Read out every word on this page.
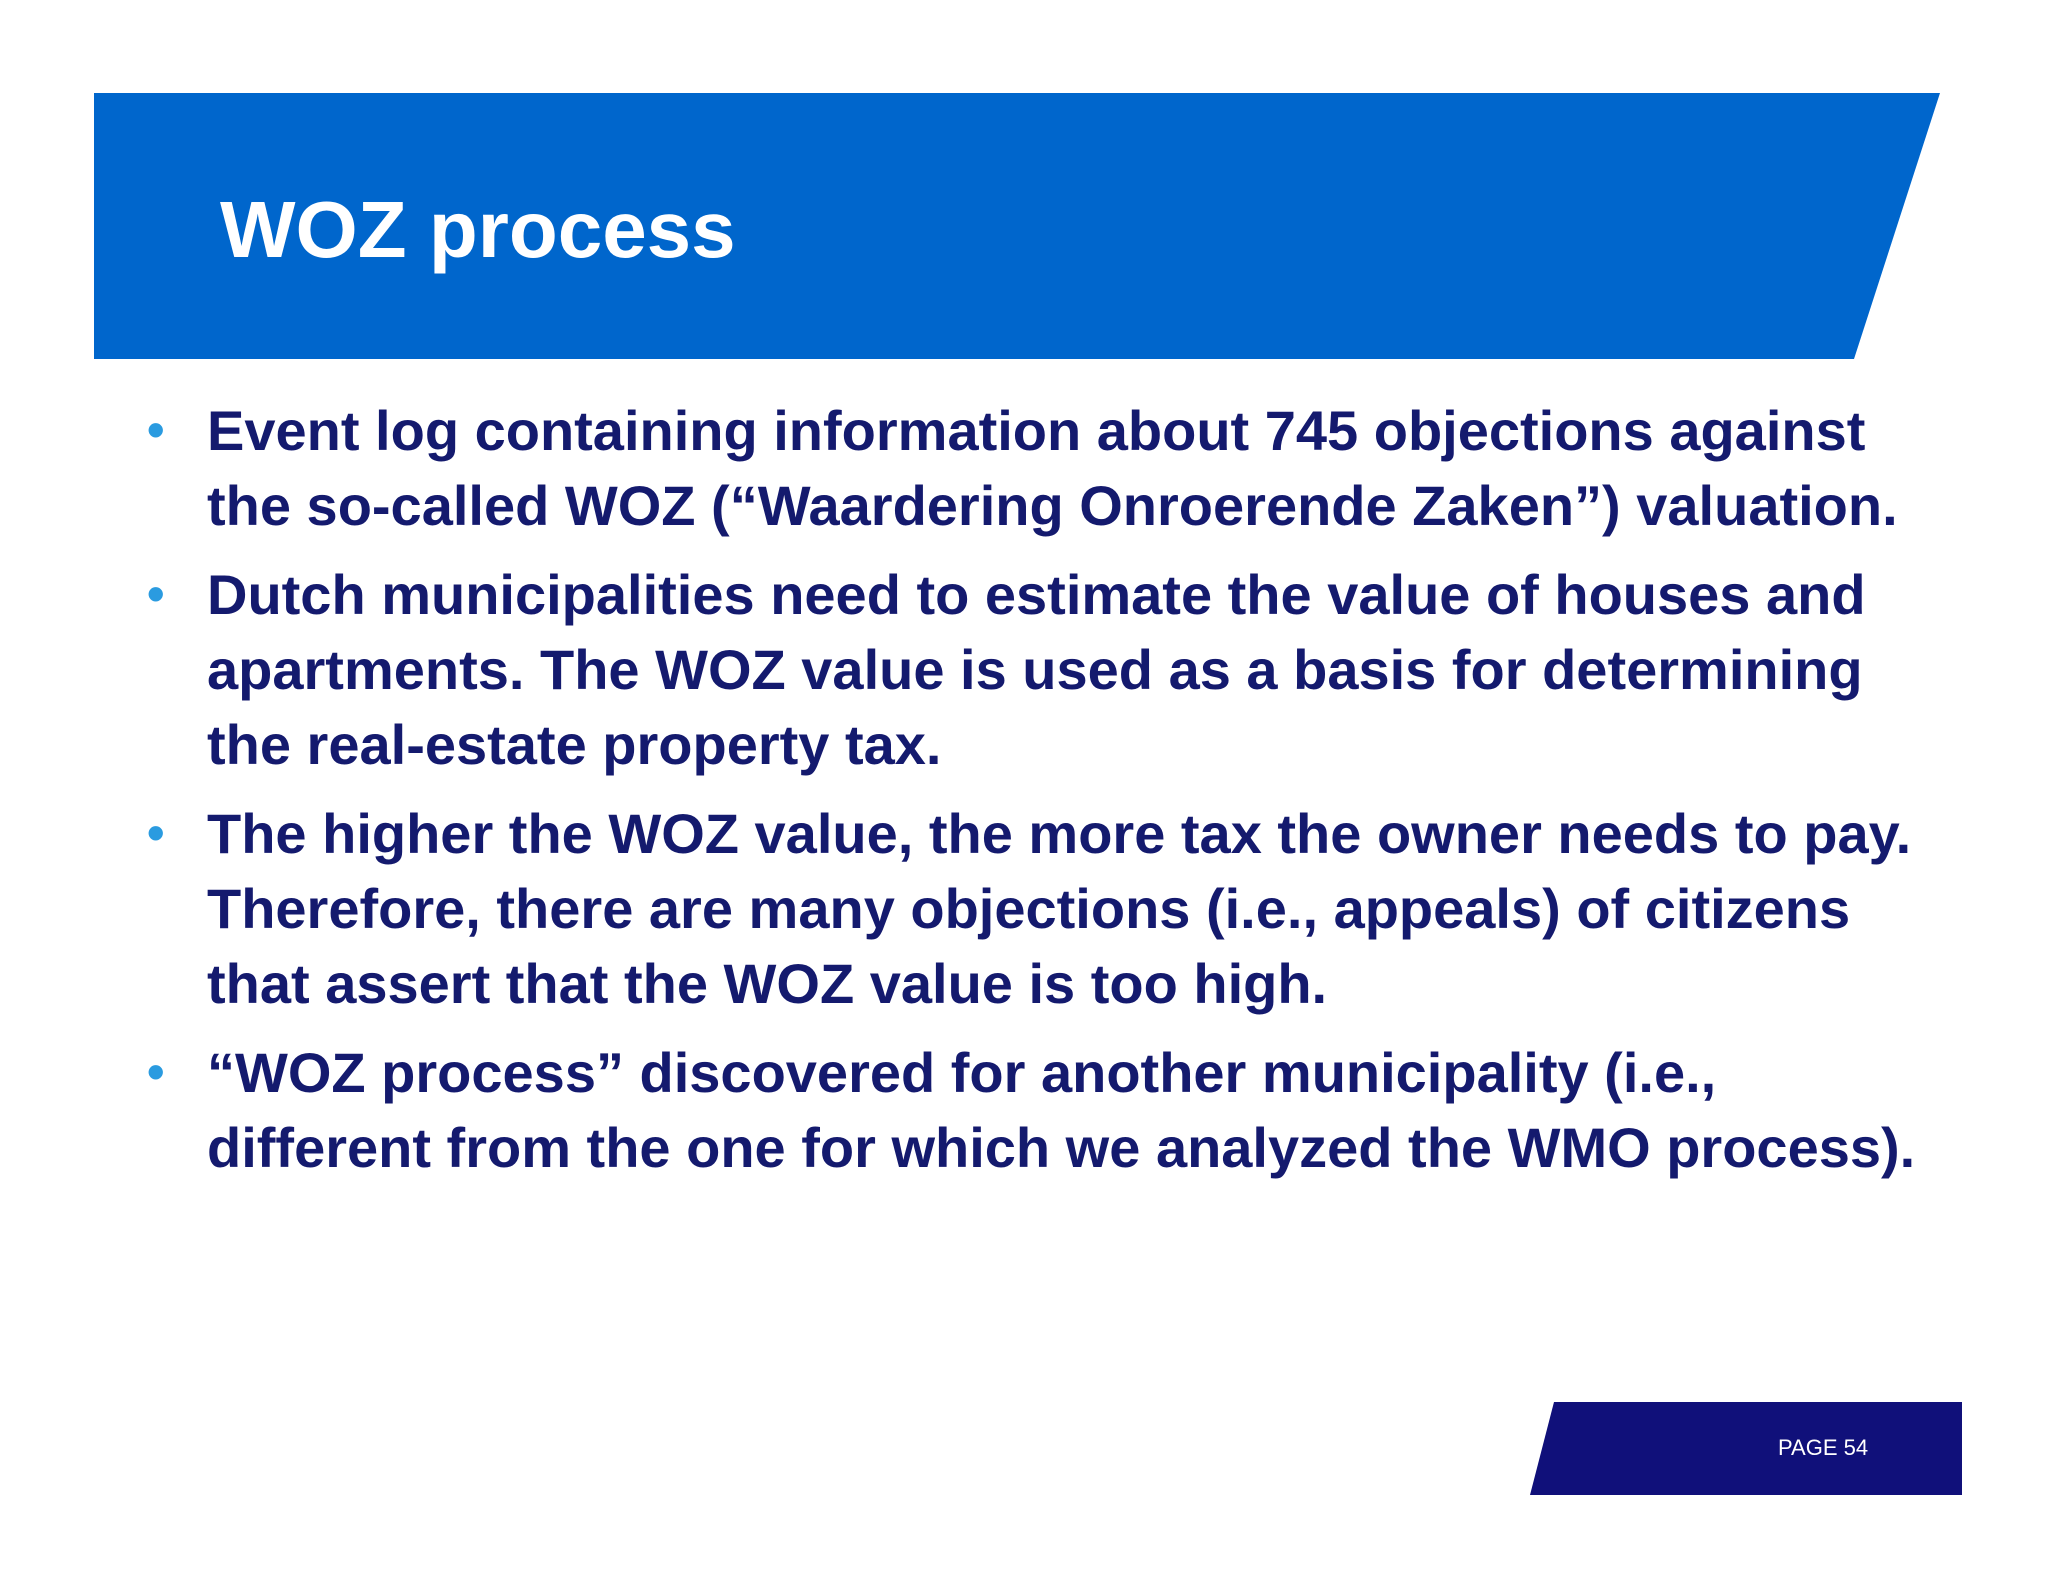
WOZ process
• Event log containing information about 745 objections against the so-called WOZ (“Waardering Onroerende Zaken”) valuation.
• Dutch municipalities need to estimate the value of houses and apartments. The WOZ value is used as a basis for determining the real-estate property tax.
• The higher the WOZ value, the more tax the owner needs to pay. Therefore, there are many objections (i.e., appeals) of citizens that assert that the WOZ value is too high.
• “WOZ process” discovered for another municipality (i.e., different from the one for which we analyzed the WMO process).
PAGE 54
